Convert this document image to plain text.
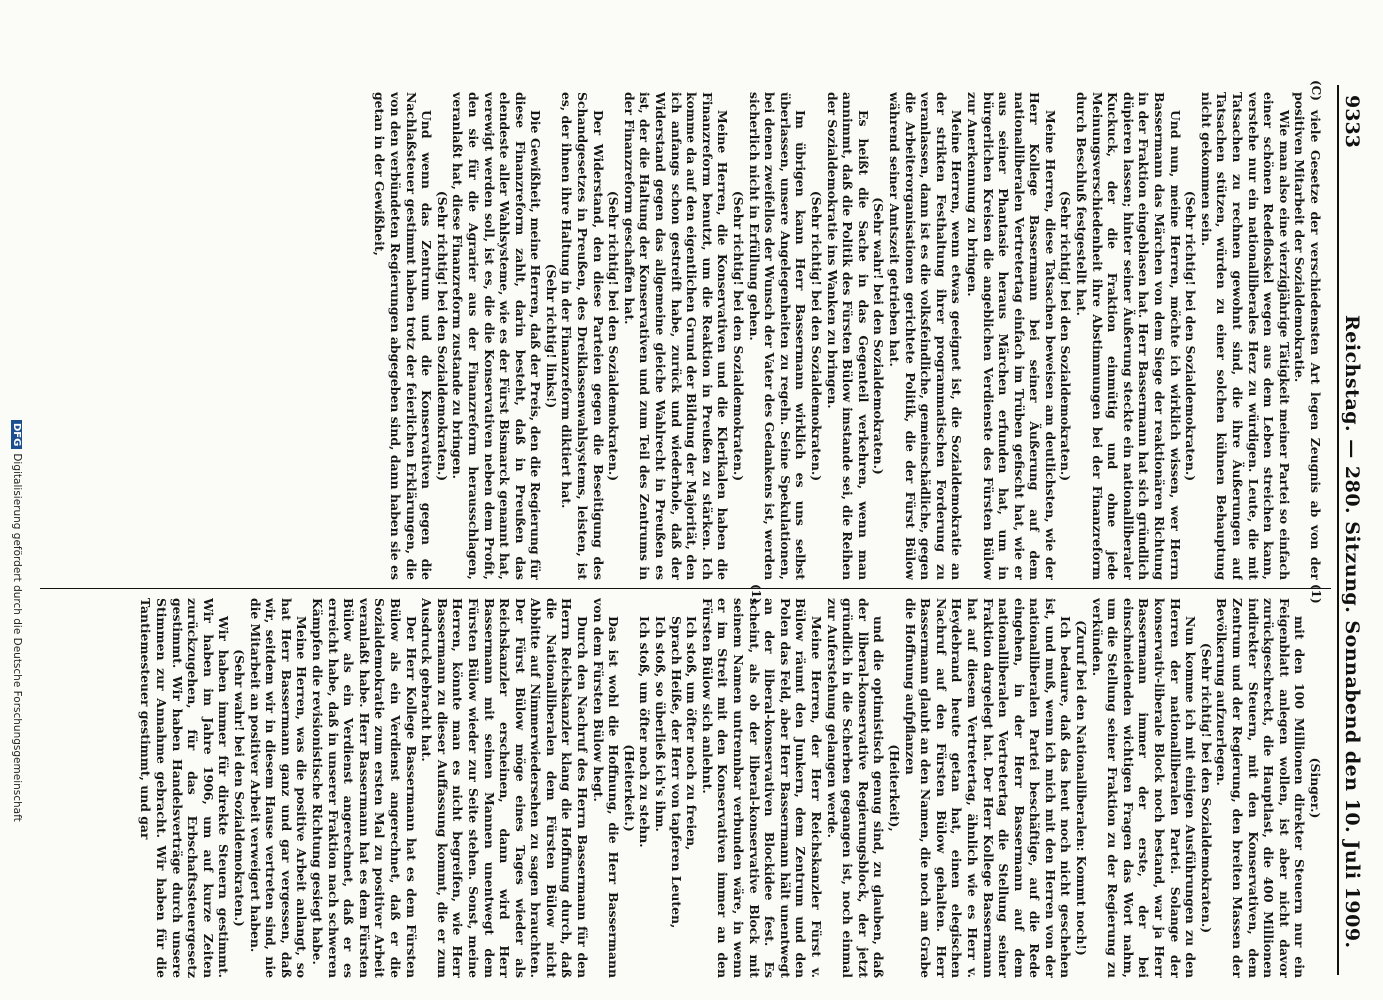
9333
Reichstag. — 280. Sitzung. Sonnabend den 10. Juli 1909.
(C)
(1)
(1)

viele Gesetze der verschiedensten Art legen Zeugnis ab von der positiven Mitarbeit der Sozialdemokratie.

Wie man also eine vierzigjährige Tätigkeit meiner Partei so einfach einer schönen Redefloskel wegen aus dem Leben streichen kann, verstehe nur ein nationalliberales Herz zu würdigen. Leute, die mit Tatsachen zu rechnen gewohnt sind, die ihre Äußerungen auf Tatsachen stützen, würden zu einer solchen kühnen Behauptung nicht gekommen sein.

(Sehr richtig! bei den Sozialdemokraten.)

Und nun, meine Herren, möchte ich wirklich wissen, wer Herrn Bassermann das Märchen von dem Siege der reaktionären Richtung in der Fraktion eingeblasen hat. Herr Bassermann hat sich gründlich düpieren lassen; hinter seiner Äußerung steckte ein nationalliberaler Kuckuck, der die Fraktion einmütig und ohne jede Meinungsverschiedenheit ihre Abstimmungen bei der Finanzreform durch Beschluß festgestellt hat.

(Sehr richtig! bei den Sozialdemokraten.)

Meine Herren, diese Tatsachen beweisen am deutlichsten, wie der Herr Kollege Bassermann bei seiner Äußerung auf dem nationalliberalen Vertretertag einfach im Trüben gefischt hat, wie er aus seiner Phantasie heraus Märchen erfunden hat, um in bürgerlichen Kreisen die angeblichen Verdienste des Fürsten Bülow zur Anerkennung zu bringen.

Meine Herren, wenn etwas geeignet ist, die Sozialdemokratie an der strikten Festhaltung ihrer programmatischen Forderung zu veranlassen, dann ist es die volksfeindliche, gemeinschädliche, gegen die Arbeiterorganisationen gerichtete Politik, die der Fürst Bülow während seiner Amtszeit getrieben hat.

(Sehr wahr! bei den Sozialdemokraten.)

Es heißt die Sache in das Gegenteil verkehren, wenn man annimmt, daß die Politik des Fürsten Bülow imstande sei, die Reihen der Sozialdemokratie ins Wanken zu bringen.

(Sehr richtig! bei den Sozialdemokraten.)

Im übrigen kann Herr Bassermann wirklich es uns selbst überlassen, unsere Angelegenheiten zu regeln. Seine Spekulationen, bei denen zweifellos der Wunsch der Vater des Gedankens ist, werden sicherlich nicht in Erfüllung gehen.

(Sehr richtig! bei den Sozialdemokraten.)

Meine Herren, die Konservativen und die Klerikalen haben die Finanzreform benutzt, um die Reaktion in Preußen zu stärken. Ich komme da auf den eigentlichen Grund der Bildung der Majorität, den ich anfangs schon gestreift habe, zurück und wiederhole, daß der Widerstand gegen das allgemeine gleiche Wahlrecht in Preußen es ist, der die Haltung der Konservativen und zum Teil des Zentrums in der Finanzreform geschaffen hat.

(Sehr richtig! bei den Sozialdemokraten.)

Der Widerstand, den diese Parteien gegen die Beseitigung des Schandgesetzes in Preußen, des Dreiklassenwahlsystems, leisten, ist es, der ihnen ihre Haltung in der Finanzreform diktiert hat.

(Sehr richtig! links!)

Die Gewißheit, meine Herren, daß der Preis, den die Regierung für diese Finanzreform zahlt, darin besteht, daß in Preußen das elendeste aller Wahlsysteme, wie es der Fürst Bismarck genannt hat, verewigt werden soll, ist es, die die Konservativen neben dem Profit, den sie für die Agrarier aus der Finanzreform herausschlagen, veranlaßt hat, diese Finanzreform zustande zu bringen.

(Sehr richtig! bei den Sozialdemokraten.)

Und wenn das Zentrum und die Konservativen gegen die Nachlaßsteuer gestimmt haben trotz der feierlichen Erklärungen, die von den verbündeten Regierungen abgegeben sind, dann haben sie es getan in der Gewißheit,

(Singer.)

mit den 100 Millionen direkter Steuern nur ein Feigenblatt anlegen wollen, ist aber nicht davor zurückgeschreckt, die Hauptlast, die 400 Millionen indirekter Steuern, mit den Konservativen, dem Zentrum und der Regierung, den breiten Massen der Bevölkerung aufzuerlegen.

(Sehr richtig! bei den Sozialdemokraten.)

Nun komme ich mit einigen Ausführungen zu den Herren der nationalliberalen Partei. Solange der konservativ-liberale Block noch bestand, war ja Herr Bassermann immer der erste, der bei einschneidenden wichtigen Fragen das Wort nahm, um die Stellung seiner Fraktion zu der Regierung zu verkünden.

(Zuruf bei den Nationalliberalen: Kommt noch!)

Ich bedaure, daß das heut noch nicht geschehen ist, und muß, wenn ich mich mit den Herren von der nationalliberalen Partei beschäftige, auf die Rede eingehen, in der Herr Bassermann auf dem nationalliberalen Vertretertag die Stellung seiner Fraktion dargelegt hat. Der Herr Kollege Bassermann hat auf diesem Vertretertag, ähnlich wie es Herr v. Heydebrand heute getan hat, einen elegischen Nachruf auf den Fürsten Bülow gehalten. Herr Bassermann glaubt an den Namen, die noch am Grabe die Hoffnung aufpflanzen

(Heiterkeit),

und die optimistisch genug sind, zu glauben, daß der liberal-konservative Regierungsblock, der jetzt gründlich in die Scherben gegangen ist, noch einmal zur Auferstehung gelangen werde.

Meine Herren, der Herr Reichskanzler Fürst v. Bülow räumt den Junkern, dem Zentrum und den Polen das Feld, aber Herr Bassermann hält unentwegt an der liberal-konservativen Blockidee fest. Es scheint, als ob der liberal-konservative Block mit seinem Namen untrennbar verbunden wäre, in wenn er im Streit mit den Konservativen immer an den Fürsten Bülow sich anlehnt.

Ich stoß, um öfter noch zu freien,

Sprach Heiße, der Herr von tapferen Leuten,

Ich stoß, so überließ ich's ihm.

Ich stoß, um öfter noch zu stehn.

(Heiterkeit.)

Das ist wohl die Hoffnung, die Herr Bassermann von dem Fürsten Bülow hegt.

Durch den Nachruf des Herrn Bassermann für den Herrn Reichskanzler klang die Hoffnung durch, daß die Nationalliberalen dem Fürsten Bülow nicht Abbitte auf Nimmerwiedersehen zu sagen brauchten. Der Fürst Bülow möge eines Tages wieder als Reichskanzler erscheinen, dann wird Herr Bassermann mit seinen Mannen unentwegt dem Fürsten Bülow wieder zur Seite stehen. Sonst, meine Herren, könnte man es nicht begreifen, wie Herr Bassermann zu dieser Auffassung kommt, die er zum Ausdruck gebracht hat.

Der Herr Kollege Bassermann hat es dem Fürsten Bülow als ein Verdienst angerechnet, daß er die Sozialdemokratie zum ersten Mal zu positiver Arbeit veranlaßt habe. Herr Bassermann hat es dem Fürsten Bülow als ein Verdienst angerechnet, daß er es erreicht habe, daß in unserer Fraktion nach schweren Kämpfen die revisionistische Richtung gesiegt habe.

Meine Herren, was die positive Arbeit anlangt, so hat Herr Bassermann ganz und gar vergessen, daß wir, seitdem wir in diesem Hause vertreten sind, nie die Mitarbeit an positiver Arbeit verweigert haben.

(Sehr wahr! bei den Sozialdemokraten.)

Wir haben immer für direkte Steuern gestimmt. Wir haben im Jahre 1906, um auf kurze Zeiten zurückzugehen, für das Erbschaftssteuergesetz gestimmt. Wir haben Handelsverträge durch unsere Stimmen zur Annahme gebracht. Wir haben für die Tantiemesteuer gestimmt, und gar

DFGDigitalisierung gefördert durch die Deutsche Forschungsgemeinschaft
